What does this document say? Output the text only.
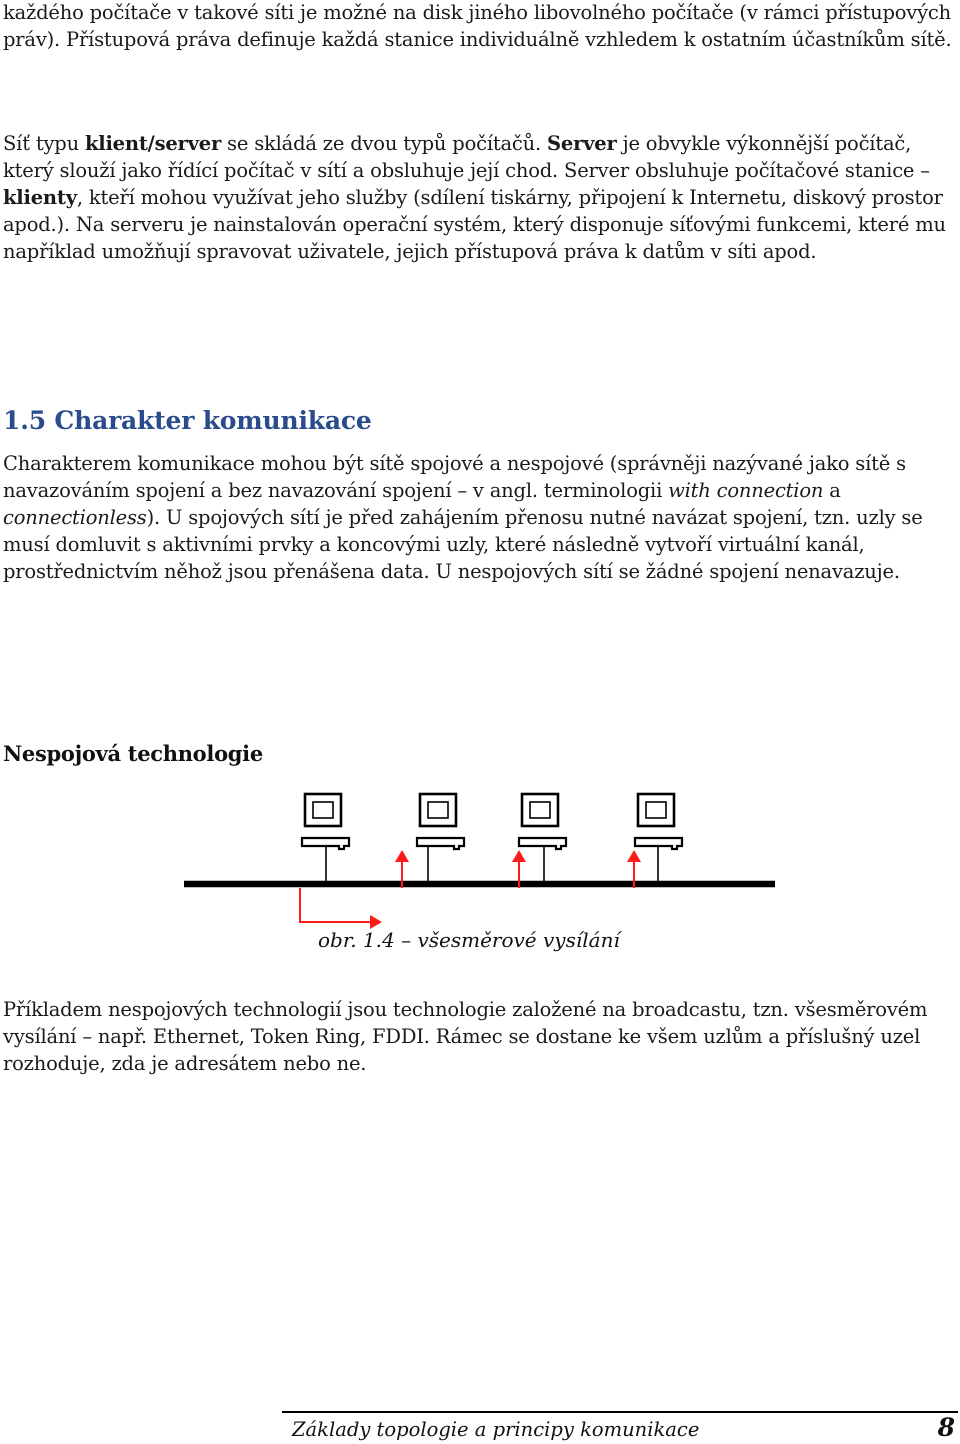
každého počítače v takové síti je možné na disk jiného libovolného počítače (v rámci přístupových práv). Přístupová práva definuje každá stanice individuálně vzhledem k ostatním účastníkům sítě.

Síť typu klient/server se skládá ze dvou typů počítačů. Server je obvykle výkonnější počítač, který slouží jako řídící počítač v sítí a obsluhuje její chod. Server obsluhuje počítačové stanice – klienty, kteří mohou využívat jeho služby (sdílení tiskárny, připojení k Internetu, diskový prostor apod.). Na serveru je nainstalován operační systém, který disponuje síťovými funkcemi, které mu například umožňují spravovat uživatele, jejich přístupová práva k datům v síti apod.

1.5 Charakter komunikace

Charakterem komunikace mohou být sítě spojové a nespojové (správněji nazývané jako sítě s navazováním spojení a bez navazování spojení – v angl. terminologii with connection a connectionless). U spojových sítí je před zahájením přenosu nutné navázat spojení, tzn. uzly se musí domluvit s aktivními prvky a koncovými uzly, které následně vytvoří virtuální kanál, prostřednictvím něhož jsou přenášena data. U nespojových sítí se žádné spojení nenavazuje.

Nespojová technologie

obr. 1.4 – všesměrové vysílání

Příkladem nespojových technologií jsou technologie založené na broadcastu, tzn. všesměrovém vysílání – např. Ethernet, Token Ring, FDDI. Rámec se dostane ke všem uzlům a příslušný uzel rozhoduje, zda je adresátem nebo ne.

Základy topologie a principy komunikace	8
